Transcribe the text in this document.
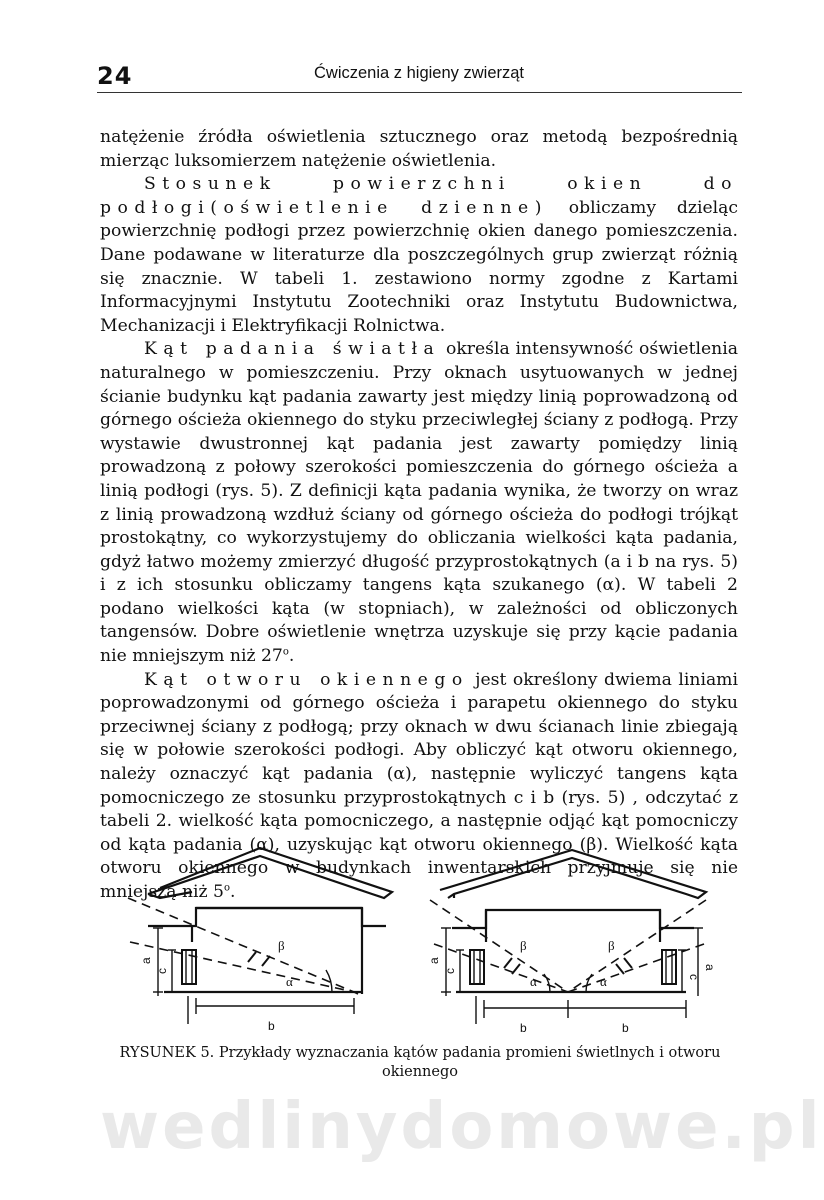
24	Ćwiczenia z higieny zwierząt

natężenie źródła oświetlenia sztucznego oraz metodą bezpośrednią mierząc luksomierzem natężenie oświetlenia.

Stosunek powierzchni okien do podłogi(oświetlenie dzienne) obliczamy dzieląc powierzchnię podłogi przez powierzchnię okien danego pomieszczenia. Dane podawane w literaturze dla poszczególnych grup zwierząt różnią się znacznie. W tabeli 1. zestawiono normy zgodne z Kartami Informacyjnymi Instytutu Zootechniki oraz Instytutu Budownictwa, Mechanizacji i Elektryfikacji Rolnictwa.

Kąt padania światła określa intensywność oświetlenia naturalnego w pomieszczeniu. Przy oknach usytuowanych w jednej ścianie budynku kąt padania zawarty jest między linią poprowadzoną od górnego ościeża okiennego do styku przeciwległej ściany z podłogą. Przy wystawie dwustronnej kąt padania jest zawarty pomiędzy linią prowadzoną z połowy szerokości pomieszczenia do górnego ościeża a linią podłogi (rys. 5). Z definicji kąta padania wynika, że tworzy on wraz z linią prowadzoną wzdłuż ściany od górnego ościeża do podłogi trójkąt prostokątny, co wykorzystujemy do obliczania wielkości kąta padania, gdyż łatwo możemy zmierzyć długość przyprostokątnych (a i b na rys. 5) i z ich stosunku obliczamy tangens kąta szukanego (α). W tabeli 2 podano wielkości kąta (w stopniach), w zależności od obliczonych tangensów. Dobre oświetlenie wnętrza uzyskuje się przy kącie padania nie mniejszym niż 27$^o$.

Kąt otworu okiennego jest określony dwiema liniami poprowadzonymi od górnego ościeża i parapetu okiennego do styku przeciwnej ściany z podłogą; przy oknach w dwu ścianach linie zbiegają się w połowie szerokości podłogi. Aby obliczyć kąt otworu okiennego, należy oznaczyć kąt padania (α), następnie wyliczyć tangens kąta pomocniczego ze stosunku przyprostokątnych c i b (rys. 5) , odczytać z tabeli 2. wielkość kąta pomocniczego, a następnie odjąć kąt pomocniczy od kąta padania (α), uzyskując kąt otworu okiennego (β). Wielkość kąta otworu okiennego w budynkach inwentarskich przyjmuje się nie mniejszą niż 5$^o$.

a
c
β
α
b
a
c
β
α
b
β
α
b
c
a
RYSUNEK 5. Przykłady wyznaczania kątów padania promieni świetlnych i otworu okiennego
wedlinydomowe.pl
